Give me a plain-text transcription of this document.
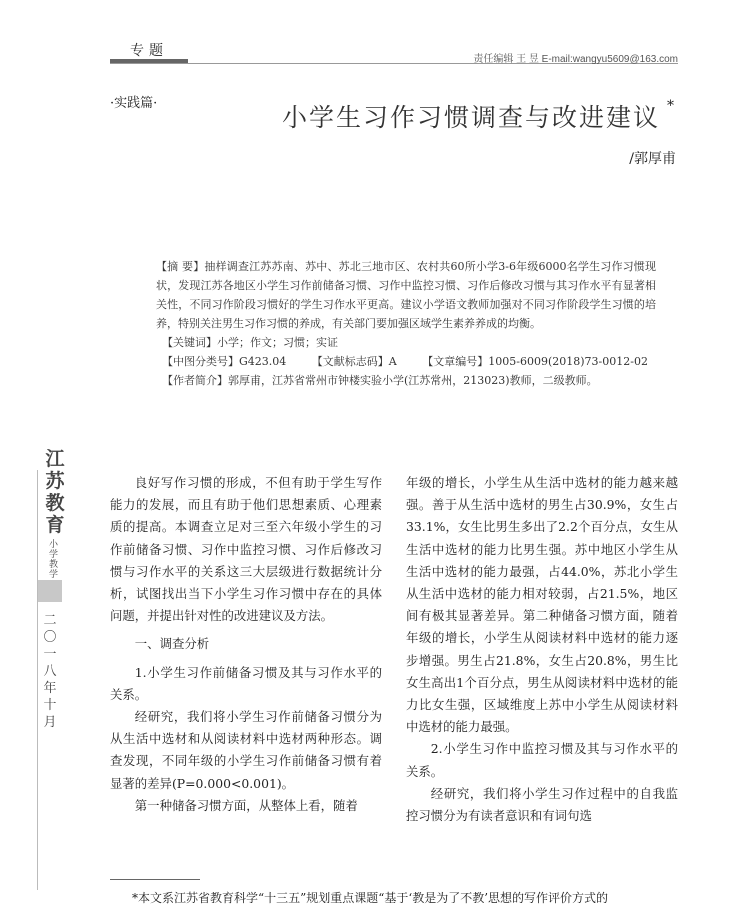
专题
责任编辑 王 昱 E-mail:wangyu5609@163.com
·实践篇·	小学生习作习惯调查与改进建议 *
/郭厚甫

【摘 要】抽样调查江苏苏南、苏中、苏北三地市区、农村共60所小学3-6年级6000名学生习作习惯现状，发现江苏各地区小学生习作前储备习惯、习作中监控习惯、习作后修改习惯与其习作水平有显著相关性，不同习作阶段习惯好的学生习作水平更高。建议小学语文教师加强对不同习作阶段学生习惯的培养，特别关注男生习作习惯的养成，有关部门要加强区域学生素养养成的均衡。

【关键词】小学；作文；习惯；实证

【中图分类号】G423.04 【文献标志码】A 【文章编号】1005-6009(2018)73-0012-02

【作者简介】郭厚甫，江苏省常州市钟楼实验小学(江苏常州，213023)教师，二级教师。

江苏教育
小学教学
二〇一八年十月

良好写作习惯的形成，不但有助于学生写作能力的发展，而且有助于他们思想素质、心理素质的提高。本调查立足对三至六年级小学生的习作前储备习惯、习作中监控习惯、习作后修改习惯与习作水平的关系这三大层级进行数据统计分析，试图找出当下小学生习作习惯中存在的具体问题，并提出针对性的改进建议及方法。

一、调查分析

1.小学生习作前储备习惯及其与习作水平的关系。

经研究，我们将小学生习作前储备习惯分为从生活中选材和从阅读材料中选材两种形态。调查发现，不同年级的小学生习作前储备习惯有着显著的差异(P=0.000<0.001)。

第一种储备习惯方面，从整体上看，随着

年级的增长，小学生从生活中选材的能力越来越强。善于从生活中选材的男生占30.9%，女生占33.1%，女生比男生多出了2.2个百分点，女生从生活中选材的能力比男生强。苏中地区小学生从生活中选材的能力最强，占44.0%，苏北小学生从生活中选材的能力相对较弱，占21.5%，地区间有极其显著差异。第二种储备习惯方面，随着年级的增长，小学生从阅读材料中选材的能力逐步增强。男生占21.8%，女生占20.8%，男生比女生高出1个百分点，男生从阅读材料中选材的能力比女生强，区域维度上苏中小学生从阅读材料中选材的能力最强。

2.小学生习作中监控习惯及其与习作水平的关系。

经研究，我们将小学生习作过程中的自我监控习惯分为有读者意识和有词句选

*本文系江苏省教育科学“十三五”规划重点课题“基于‘教是为了不教’思想的写作评价方式的
